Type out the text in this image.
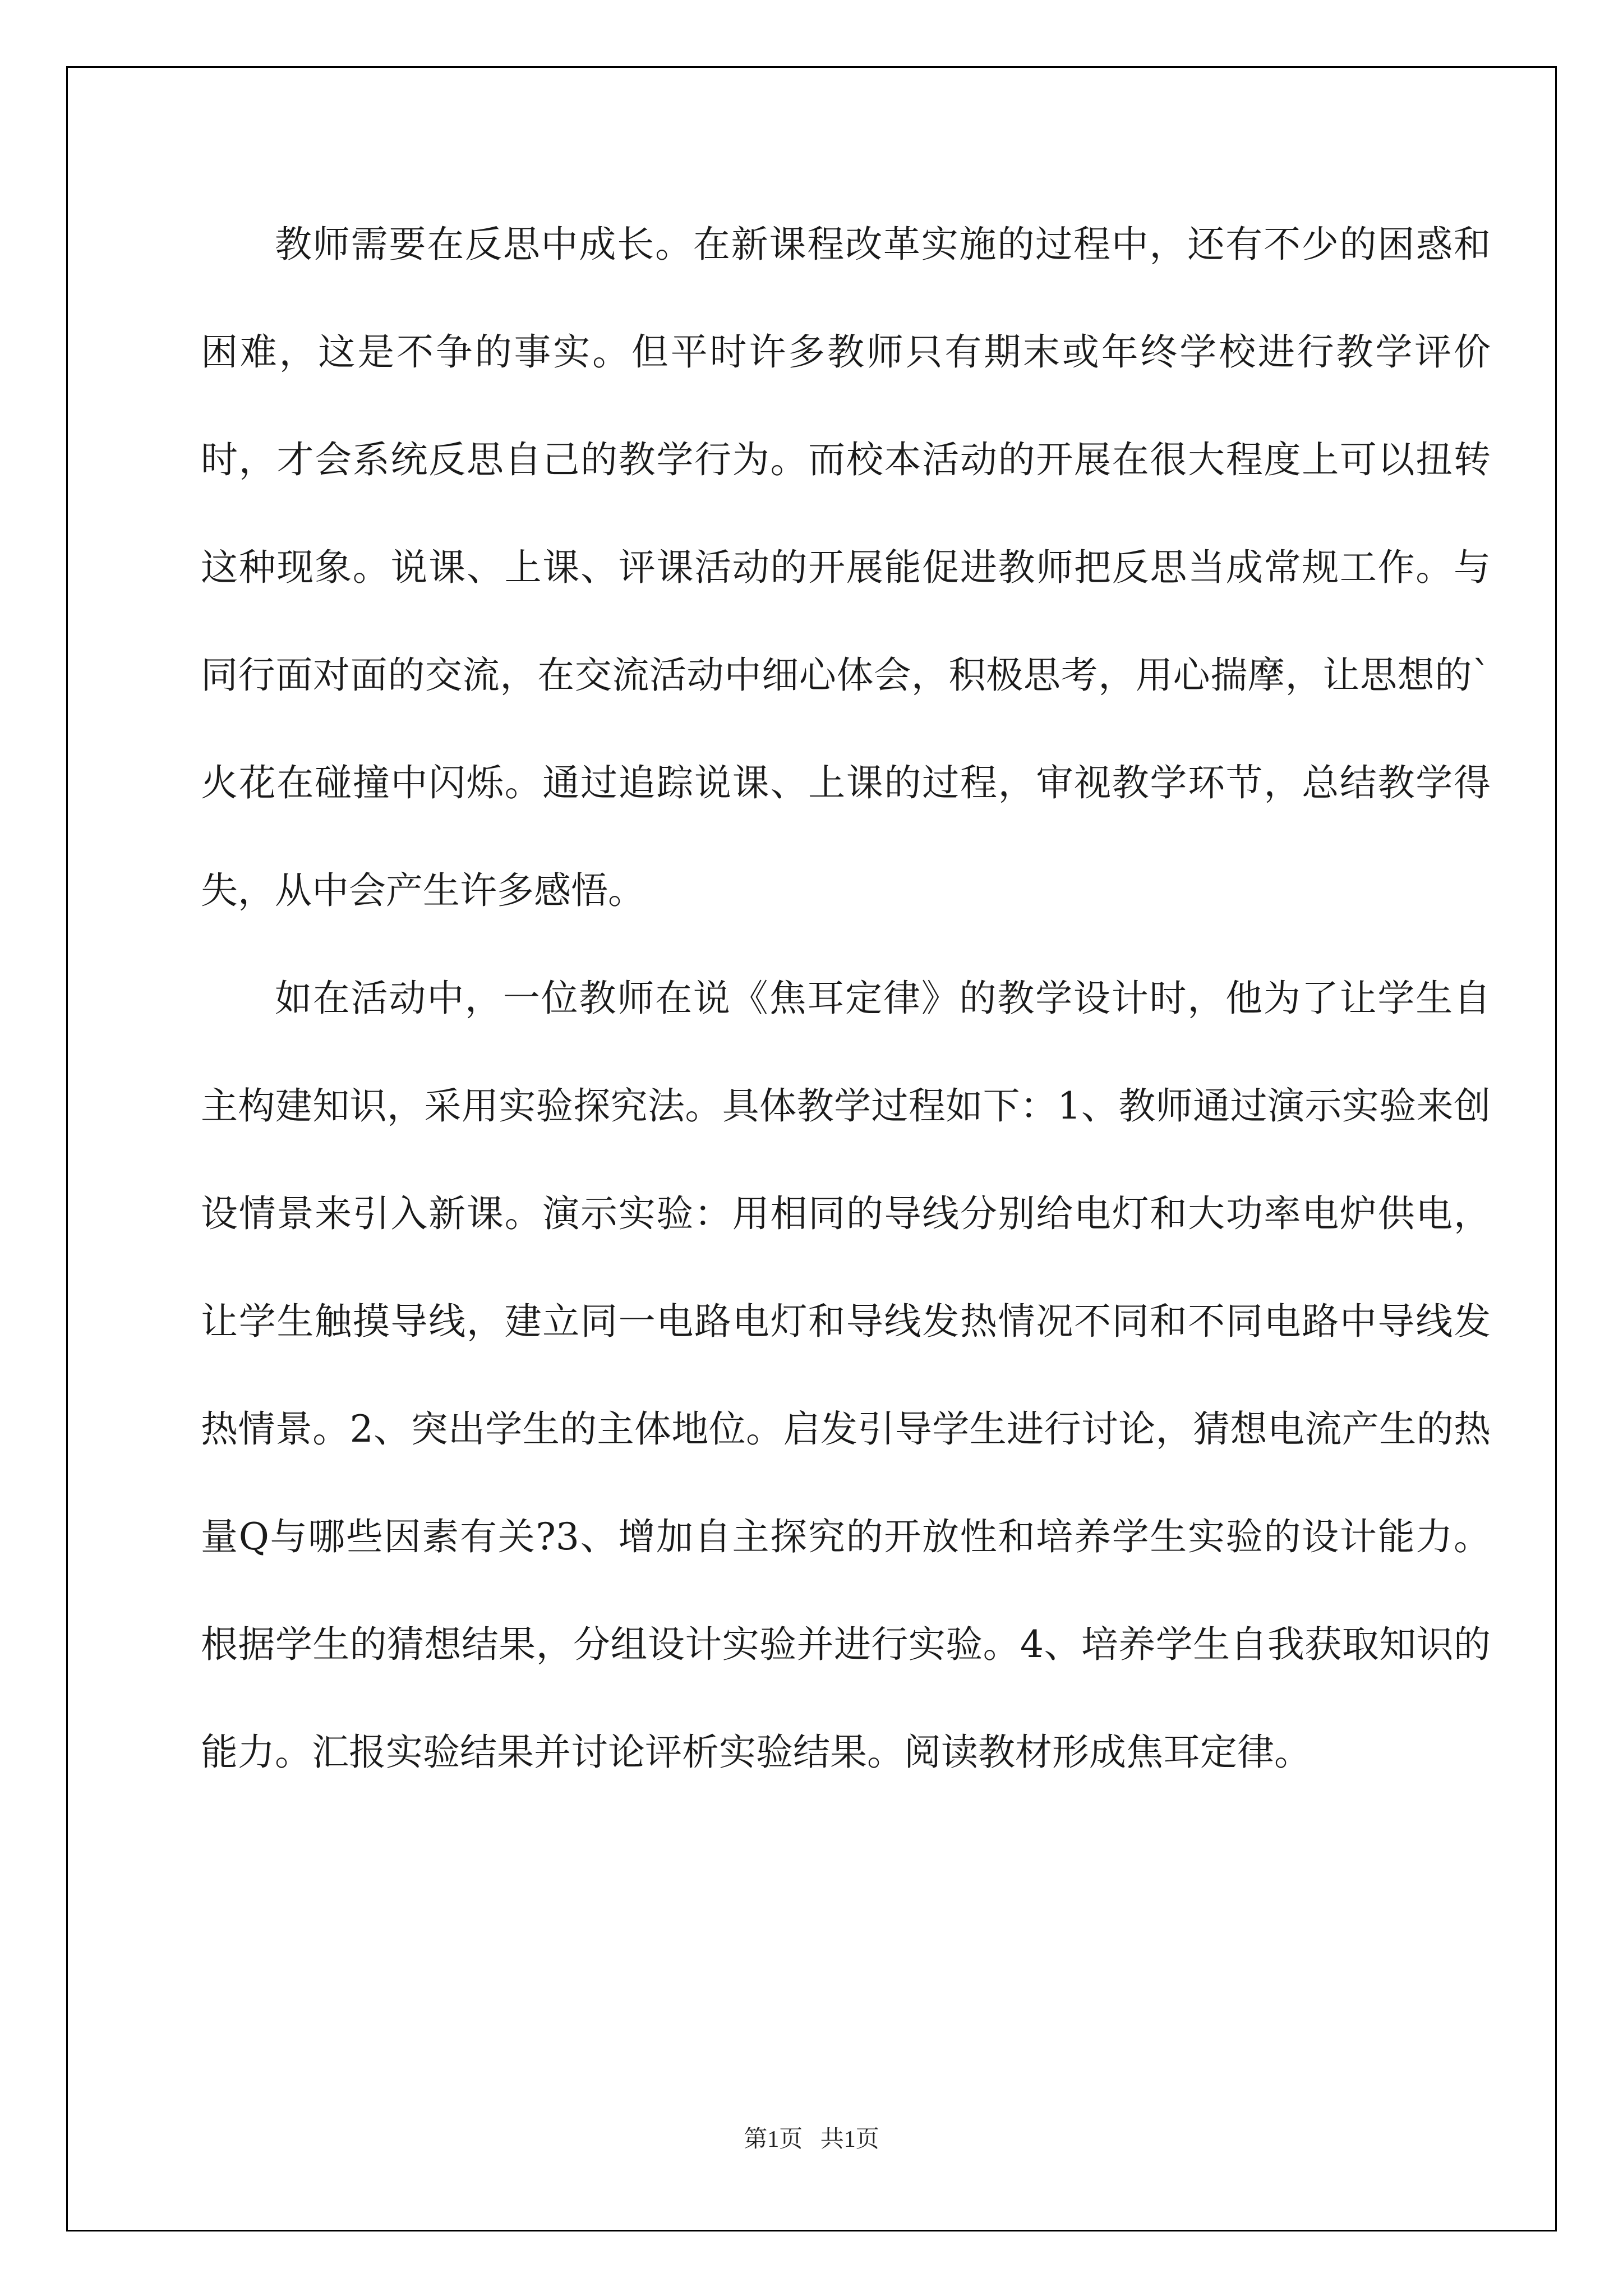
教师需要在反思中成长。在新课程改革实施的过程中，还有不少的困惑和困难，这是不争的事实。但平时许多教师只有期末或年终学校进行教学评价时，才会系统反思自己的教学行为。而校本活动的开展在很大程度上可以扭转这种现象。说课、上课、评课活动的开展能促进教师把反思当成常规工作。与同行面对面的交流，在交流活动中细心体会，积极思考，用心揣摩，让思想的`火花在碰撞中闪烁。通过追踪说课、上课的过程，审视教学环节，总结教学得失，从中会产生许多感悟。

如在活动中，一位教师在说《焦耳定律》的教学设计时，他为了让学生自主构建知识，采用实验探究法。具体教学过程如下：1、教师通过演示实验来创设情景来引入新课。演示实验：用相同的导线分别给电灯和大功率电炉供电，让学生触摸导线，建立同一电路电灯和导线发热情况不同和不同电路中导线发热情景。2、突出学生的主体地位。启发引导学生进行讨论，猜想电流产生的热量Q与哪些因素有关?3、增加自主探究的开放性和培养学生实验的设计能力。根据学生的猜想结果，分组设计实验并进行实验。4、培养学生自我获取知识的能力。汇报实验结果并讨论评析实验结果。阅读教材形成焦耳定律。

第1页   共1页
